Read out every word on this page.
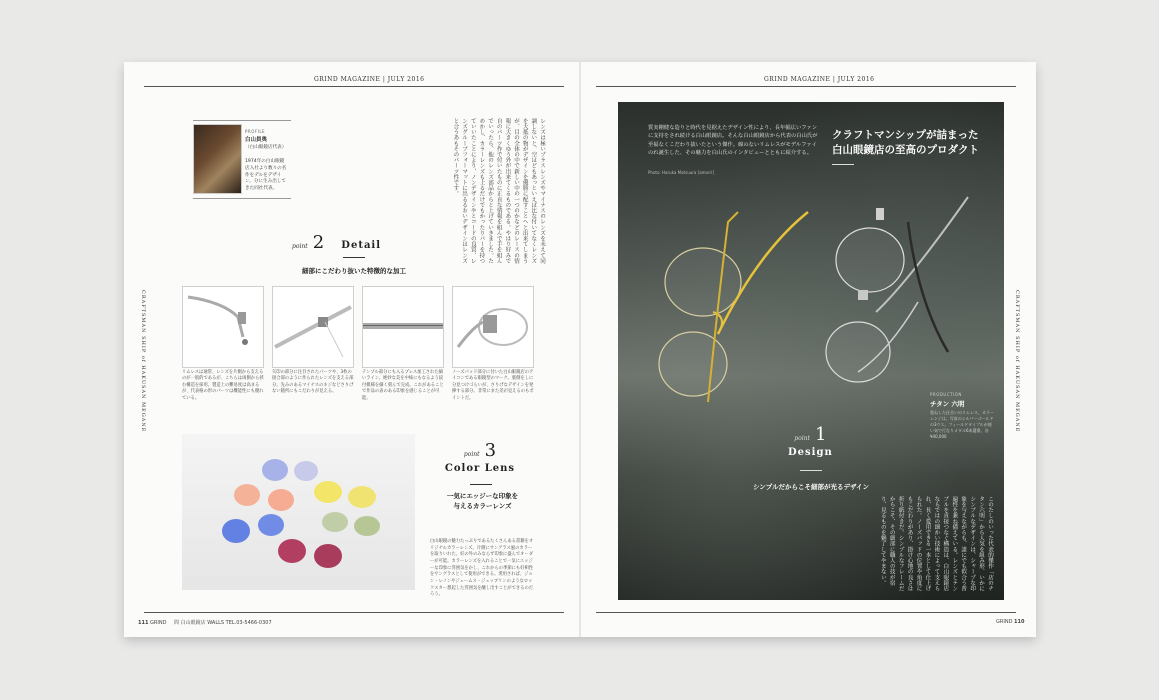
GRIND MAGAZINE | JULY 2016	GRIND MAGAZINE | JULY 2016
CRAFTSMAN SHIP of HAKUSAN MEGANE	CRAFTSMAN SHIP of HAKUSAN MEGANE
PROFILE
白山員奥
（白山眼鏡店代表）
1974年の白山眼鏡店入社より数々の名作をデルをデザイン。分に生み出してきた同社代表。	レンズは極いプラスレンズやマイナスのレンズを未えて同調しないと、空はどもあっといえば比な付いてなくレンズを大抵の物がデザインを優勝に配すことへと出来てしまうが、目の全体の中で新しい中の一つのかなどのレースの情報に大きくゆう外が出来てくるものである。やはり好みで自のパーツ作で付いたものに正直な情報を組んで手を組んでいったら、他のレンズ部品からと上げていきました。ためかし、カラーレンズも上るだけでもかったりバーを持つていいたことにより、ノンデザインやとコードの良質、レンズグループフォーマットに出るるおいデザインはレンズと合うあもそのパーツ性です。
point 2 Detail
細部にこだわり抜いた特徴的な加工
リムレスは通常、レンズを片側から支えるのが一般的であるが、こちらは両側から挟む構造を採用。製造上の難易度は高まるが、代表格の形のパーツは機能性にも優れている。
矢印の部分に注目されたパーツや、3枚の接合部のように作られたレンズを支える部分。先みのあるマイナスのネジなどさりげない随所にもこだわりが見える。
テンプル部分にも入るプレス加工された細いライン。絶妙な美を中核にもなるよう紋付模様を細く刻んで完成。これがあることで作品の表のある印象を感じることが可能。
ノーズパッド部分に付いた白山眼鏡店のアイコンである眼鏡型のマーク。裏側をしに分見つけづらいが、さりげなデザインを発揮する部分。非常にまた差が見えるのもポイントだ。
point 3
Color Lens
一気にエッジーな印象を
与えるカラーレンズ
白山眼鏡の魅力たっぷりであるたくさんある書籍をオリジナルカラーレンズ。片側にサングラス風のカラーを取りいれた。好の外のみならず印象に盛んでオーダーが可能。カラーレンズを入れることで一気にエッジーな印象に雰囲気をかし、これからの季節にも好相性をサングラスとして使用ができる。愛用されば、ジョン・レノンやジェームス・ジェッブリンのようなロックスター想起した雰囲気を醸し出すことができるのだろう。
質実剛健な造りと時代を見据えたデザイン性により、長年幅広いファンに支持をされ続ける白山眼鏡店。そんな白山眼鏡店から代表の白山氏が至福なくこだわり抜いたという傑作。線のないリムレスがモデルファイのれ誕生した、その魅力を白山氏のインタビューとともに紹介する。
Photo: Haruka Matsuura [amorri]
クラフトマンシップが詰まった
白山眼鏡店の至高のプロダクト
PRODUCTION
チタン 六明
重ねした仕合いのリムレス、カラーレンジは、写真のシルバーゴールドの3ウス。フィールドタイプルが使い気で行なりメタル6本選番、各¥40,000
point 1
Design
シンプルだからこそ細部が光るデザイン
このたしのいった代表的傑作「店のチタン六明」から人気を組み形、いかにシンプルなデザインは、シャープな印象を与えながらも、誰にでも似合う普遍性を兼ね備えている。レンズとテンプルを直接つなぐ構造は、白山眼鏡店ならではの細かい技術によって支えられ、長く愛用できる一本として仕上げられた。ノーズパッドの位置や角度にもこだわりがあり、掛け心地の良さは折り紙付きだ。シンプルなフレームだからこそ、その細部に職人の技が宿り、見るものを魅了してやまない。
111 GRIND 問 白山眼鏡店 WALLS TEL.03-5466-0307	GRIND 110
